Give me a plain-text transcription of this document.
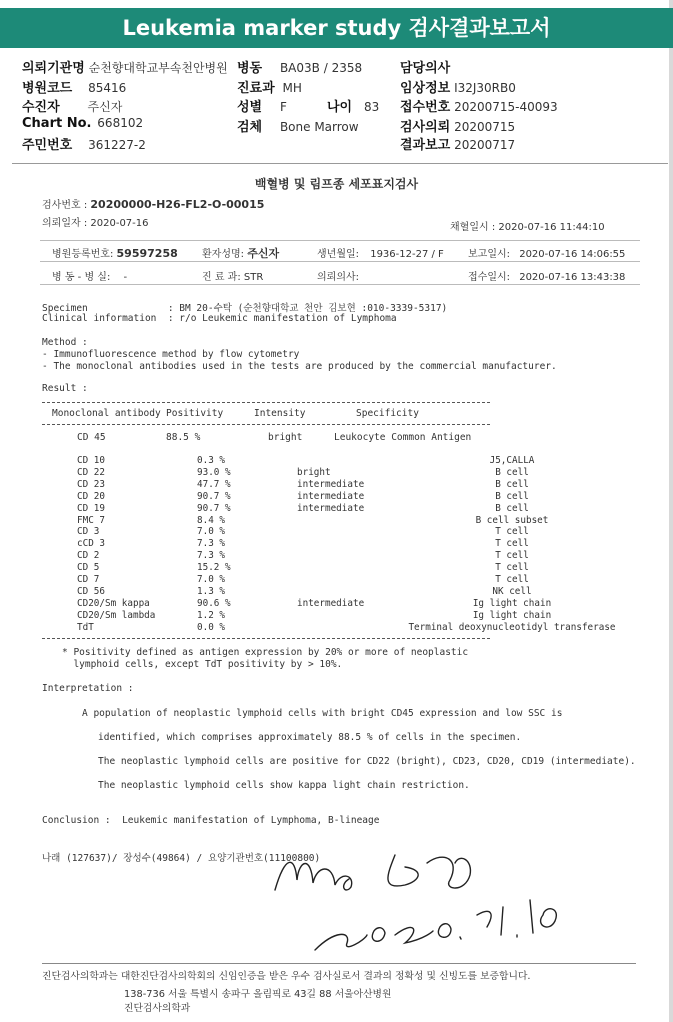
Leukemia marker study 검사결과보고서
의뢰기관명 순천향대학교부속천안병원
병원코드 85416
수진자 주신자
Chart No. 668102
주민번호 361227-2
병동 BA03B / 2358
진료과 MH
성별 F	나이 83
검체 Bone Marrow
담당의사
임상정보 I32J30RB0
접수번호 20200715-40093
검사의뢰 20200715
결과보고 20200717
백혈병 및 림프종 세포표지검사
검사번호 : 20200000-H26-FL2-O-00015
의뢰일자 : 2020-07-16	채혈일시 : 2020-07-16 11:44:10
병원등록번호: 59597258 환자성명: 주신자	생년월일: 1936-12-27 / F 보고일시: 2020-07-16 14:06:55
병 동 - 병 실: -	진 료 과: STR	의뢰의사:	접수일시: 2020-07-16 13:43:38
Specimen              : BM 20-수탁 (순천향대학교 천안 김보현 :010-3339-5317)
Clinical information  : r/o Leukemic manifestation of Lymphoma
Method :
- Immunofluorescence method by flow cytometry
- The monoclonal antibodies used in the tests are produced by the commercial manufacturer.
Result :
Monoclonal antibody Positivity	Intensity	Specificity
CD 45	88.5 %	bright	Leukocyte Common Antigen
CD 10	0.3 %		J5,CALLA
CD 22	93.0 %	bright	B cell
CD 23	47.7 %	intermediate	B cell
CD 20	90.7 %	intermediate	B cell
CD 19	90.7 %	intermediate	B cell
FMC 7	8.4 %		B cell subset
CD 3	7.0 %		T cell
cCD 3	7.3 %		T cell
CD 2	7.3 %		T cell
CD 5	15.2 %		T cell
CD 7	7.0 %		T cell
CD 56	1.3 %		NK cell
CD20/Sm kappa	90.6 %	intermediate	Ig light chain
CD20/Sm lambda	1.2 %		Ig light chain
TdT	0.0 %		Terminal deoxynucleotidyl transferase
* Positivity defined as antigen expression by 20% or more of neoplastic
lymphoid cells, except TdT positivity by > 10%.
Interpretation :
A population of neoplastic lymphoid cells with bright CD45 expression and low SSC is
identified, which comprises approximately 88.5 % of cells in the specimen.
The neoplastic lymphoid cells are positive for CD22 (bright), CD23, CD20, CD19 (intermediate).
The neoplastic lymphoid cells show kappa light chain restriction.
Conclusion :  Leukemic manifestation of Lymphoma, B-lineage
나래 (127637)/ 장성수(49864) / 요양기관번호(11100800)
진단검사의학과는 대한진단검사의학회의 신임인증을 받은 우수 검사실로서 결과의 정확성 및 신빙도를 보증합니다.
138-736 서울 특별시 송파구 올림픽로 43길 88 서울아산병원
진단검사의학과
